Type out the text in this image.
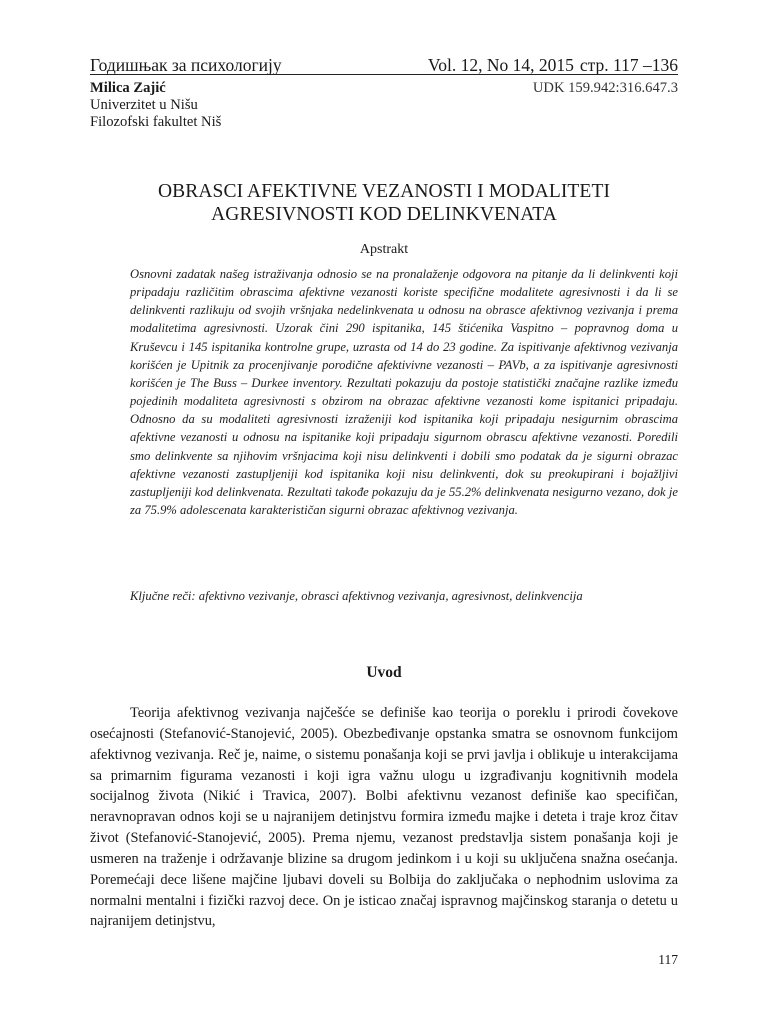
Годишњак за психологију	Vol. 12, No 14, 2015 стр. 117 –136
Milica Zajić
Univerzitet u Nišu
Filozofski fakultet Niš
UDK 159.942:316.647.3
OBRASCI AFEKTIVNE VEZANOSTI I MODALITETI
AGRESIVNOSTI KOD DELINKVENATA
Apstrakt
Osnovni zadatak našeg istraživanja odnosio se na pronalaženje odgovora na pitanje da li delinkventi koji pripadaju različitim obrascima afektivne vezanosti koriste specifične modalitete agresivnosti i da li se delinkventi razlikuju od svojih vršnjaka nedelinkvenata u odnosu na obrasce afektivnog vezivanja i prema modalitetima agresivnosti. Uzorak čini 290 ispitanika, 145 štićenika Vaspitno – popravnog doma u Kruševcu i 145 ispitanika kontrolne grupe, uzrasta od 14 do 23 godine. Za ispitivanje afektivnog vezivanja korišćen je Upitnik za procenjivanje porodične afektivivne vezanosti – PAVb, a za ispitivanje agresivnosti korišćen je The Buss – Durkee inventory. Rezultati pokazuju da postoje statistički značajne razlike između pojedinih modaliteta agresivnosti s obzirom na obrazac afektivne vezanosti kome ispitanici pripadaju. Odnosno da su modaliteti agresivnosti izraženiji kod ispitanika koji pripadaju nesigurnim obrascima afektivne vezanosti u odnosu na ispitanike koji pripadaju sigurnom obrascu afektivne vezanosti. Poredili smo delinkvente sa njihovim vršnjacima koji nisu delinkventi i dobili smo podatak da je sigurni obrazac afektivne vezanosti zastupljeniji kod ispitanika koji nisu delinkventi, dok su preokupirani i bojažljivi zastupljeniji kod delinkvenata. Rezultati takođe pokazuju da je 55.2% delinkvenata nesigurno vezano, dok je za 75.9% adolescenata karakterističan sigurni obrazac afektivnog vezivanja.
Ključne reči: afektivno vezivanje, obrasci afektivnog vezivanja, agresivnost, delinkvencija
Uvod
Teorija afektivnog vezivanja najčešće se definiše kao teorija o poreklu i prirodi čovekove osećajnosti (Stefanović-Stanojević, 2005). Obezbeđivanje opstanka smatra se osnovnom funkcijom afektivnog vezivanja. Reč je, naime, o sistemu ponašanja koji se prvi javlja i oblikuje u interakcijama sa primarnim figurama vezanosti i koji igra važnu ulogu u izgrađivanju kognitivnih modela socijalnog života (Nikić i Travica, 2007). Bolbi afektivnu vezanost definiše kao specifičan, neravnopravan odnos koji se u najranijem detinjstvu formira između majke i deteta i traje kroz čitav život (Stefanović-Stanojević, 2005). Prema njemu, vezanost predstavlja sistem ponašanja koji je usmeren na traženje i održavanje blizine sa drugom jedinkom i u koji su uključena snažna osećanja. Poremećaji dece lišene majčine ljubavi doveli su Bolbija do zaključaka o nephodnim uslovima za normalni mentalni i fizički razvoj dece. On je isticao značaj ispravnog majčinskog staranja o detetu u najranijem detinjstvu,
117
